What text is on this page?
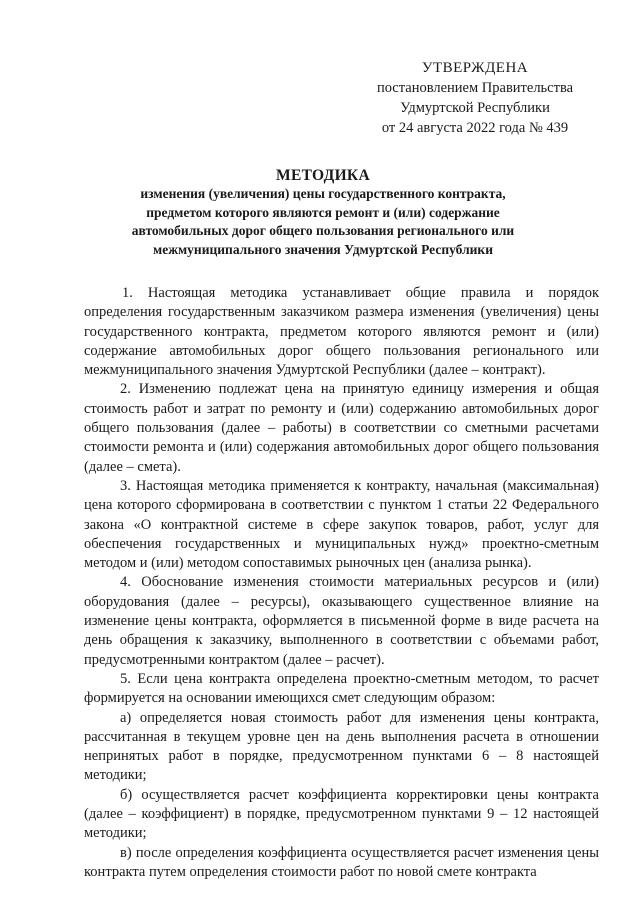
УТВЕРЖДЕНА
постановлением Правительства
Удмуртской Республики
от 24 августа 2022 года № 439
МЕТОДИКА
изменения (увеличения) цены государственного контракта, предметом которого являются ремонт и (или) содержание автомобильных дорог общего пользования регионального или межмуниципального значения Удмуртской Республики

1. Настоящая методика устанавливает общие правила и порядок определения государственным заказчиком размера изменения (увеличения) цены государственного контракта, предметом которого являются ремонт и (или) содержание автомобильных дорог общего пользования регионального или межмуниципального значения Удмуртской Республики (далее – контракт).

2. Изменению подлежат цена на принятую единицу измерения и общая стоимость работ и затрат по ремонту и (или) содержанию автомобильных дорог общего пользования (далее – работы) в соответствии со сметными расчетами стоимости ремонта и (или) содержания автомобильных дорог общего пользования (далее – смета).

3. Настоящая методика применяется к контракту, начальная (максимальная) цена которого сформирована в соответствии с пунктом 1 статьи 22 Федерального закона «О контрактной системе в сфере закупок товаров, работ, услуг для обеспечения государственных и муниципальных нужд» проектно-сметным методом и (или) методом сопоставимых рыночных цен (анализа рынка).

4. Обоснование изменения стоимости материальных ресурсов и (или) оборудования (далее – ресурсы), оказывающего существенное влияние на изменение цены контракта, оформляется в письменной форме в виде расчета на день обращения к заказчику, выполненного в соответствии с объемами работ, предусмотренными контрактом (далее – расчет).

5. Если цена контракта определена проектно-сметным методом, то расчет формируется на основании имеющихся смет следующим образом:

а) определяется новая стоимость работ для изменения цены контракта, рассчитанная в текущем уровне цен на день выполнения расчета в отношении непринятых работ в порядке, предусмотренном пунктами 6 – 8 настоящей методики;

б) осуществляется расчет коэффициента корректировки цены контракта (далее – коэффициент) в порядке, предусмотренном пунктами 9 – 12 настоящей методики;

в) после определения коэффициента осуществляется расчет изменения цены контракта путем определения стоимости работ по новой смете контракта
